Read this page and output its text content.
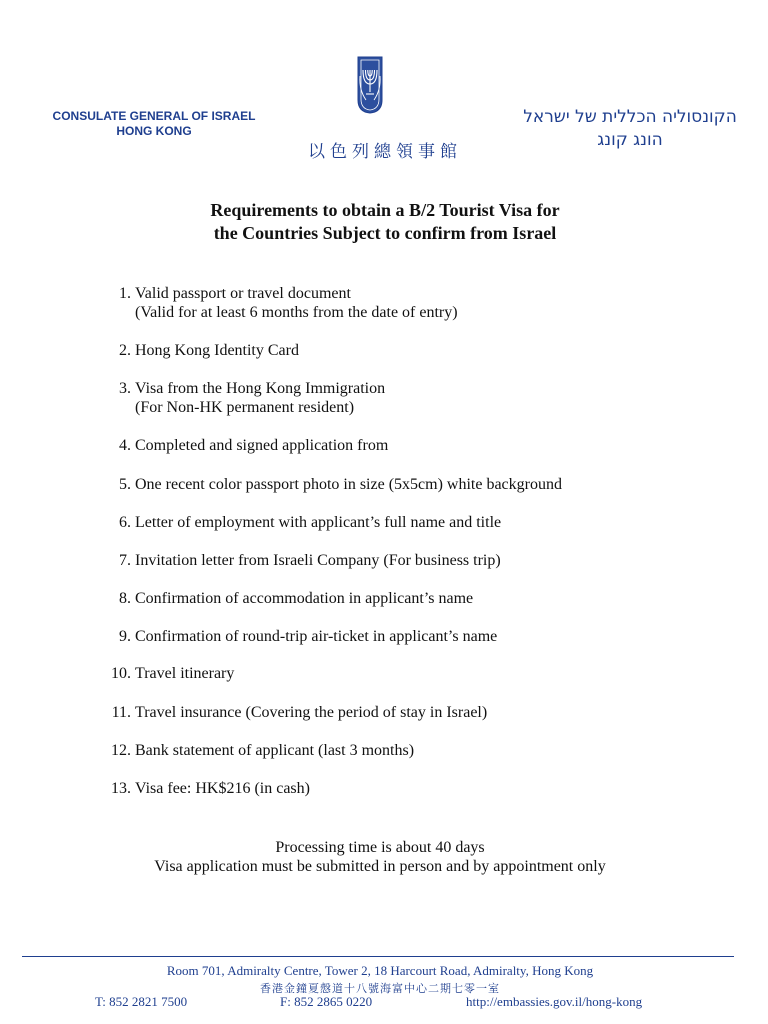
CONSULATE GENERAL OF ISRAEL
HONG KONG
以色列總領事館
הקונסוליה הכללית של ישראל
הונג קונג
Requirements to obtain a B/2 Tourist Visa for
the Countries Subject to confirm from Israel
1. Valid passport or travel document
(Valid for at least 6 months from the date of entry)
2. Hong Kong Identity Card
3. Visa from the Hong Kong Immigration
(For Non-HK permanent resident)
4. Completed and signed application from
5. One recent color passport photo in size (5x5cm) white background
6. Letter of employment with applicant’s full name and title
7. Invitation letter from Israeli Company (For business trip)
8. Confirmation of accommodation in applicant’s name
9. Confirmation of round-trip air-ticket in applicant’s name
10. Travel itinerary
11. Travel insurance (Covering the period of stay in Israel)
12. Bank statement of applicant (last 3 months)
13. Visa fee: HK$216 (in cash)
Processing time is about 40 days
Visa application must be submitted in person and by appointment only
Room 701, Admiralty Centre, Tower 2, 18 Harcourt Road, Admiralty, Hong Kong
香港金鐘夏慤道十八號海富中心二期七零一室
T: 852 2821 7500	F: 852 2865 0220	http://embassies.gov.il/hong-kong
